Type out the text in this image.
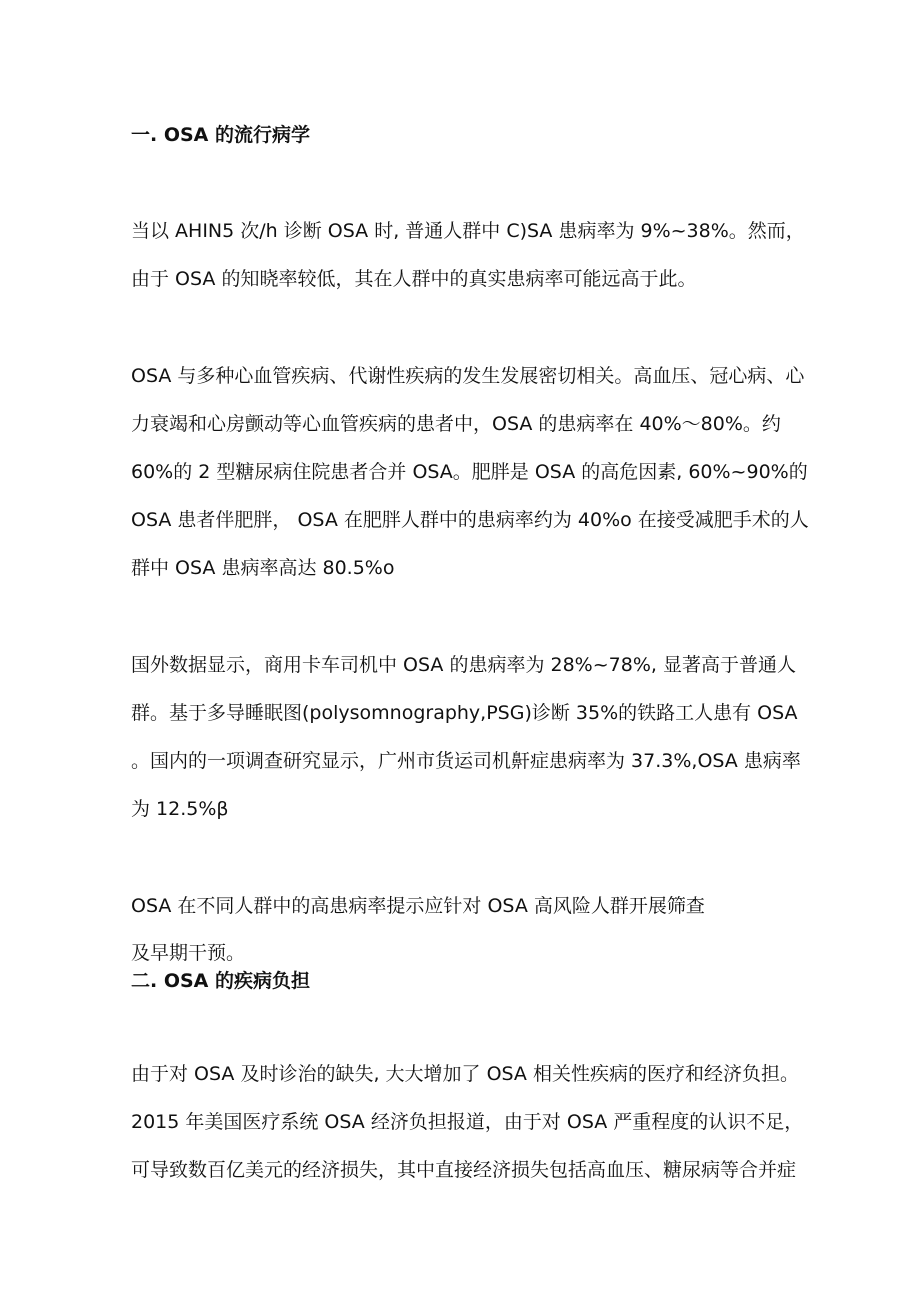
一. OSA 的流行病学
当以 AHIN5 次/h 诊断 OSA 时, 普通人群中 C)SA 患病率为 9%~38%。然而，
由于 OSA 的知晓率较低，其在人群中的真实患病率可能远高于此。
OSA 与多种心血管疾病、代谢性疾病的发生发展密切相关。高血压、冠心病、心
力衰竭和心房颤动等心血管疾病的患者中，OSA 的患病率在 40%～80%。约
60%的 2 型糖尿病住院患者合并 OSA。肥胖是 OSA 的高危因素, 60%~90%的
OSA 患者伴肥胖， OSA 在肥胖人群中的患病率约为 40%o 在接受减肥手术的人
群中 OSA 患病率高达 80.5%o
国外数据显示，商用卡车司机中 OSA 的患病率为 28%~78%, 显著高于普通人
群。基于多导睡眠图(polysomnography,PSG)诊断 35%的铁路工人患有 OSA
。国内的一项调查研究显示，广州市货运司机鼾症患病率为 37.3%,OSA 患病率
为 12.5%β
OSA 在不同人群中的高患病率提示应针对 OSA 高风险人群开展筛查
及早期干预。
二. OSA 的疾病负担
由于对 OSA 及时诊治的缺失, 大大增加了 OSA 相关性疾病的医疗和经济负担。
2015 年美国医疗系统 OSA 经济负担报道，由于对 OSA 严重程度的认识不足，
可导致数百亿美元的经济损失，其中直接经济损失包括高血压、糖尿病等合并症
